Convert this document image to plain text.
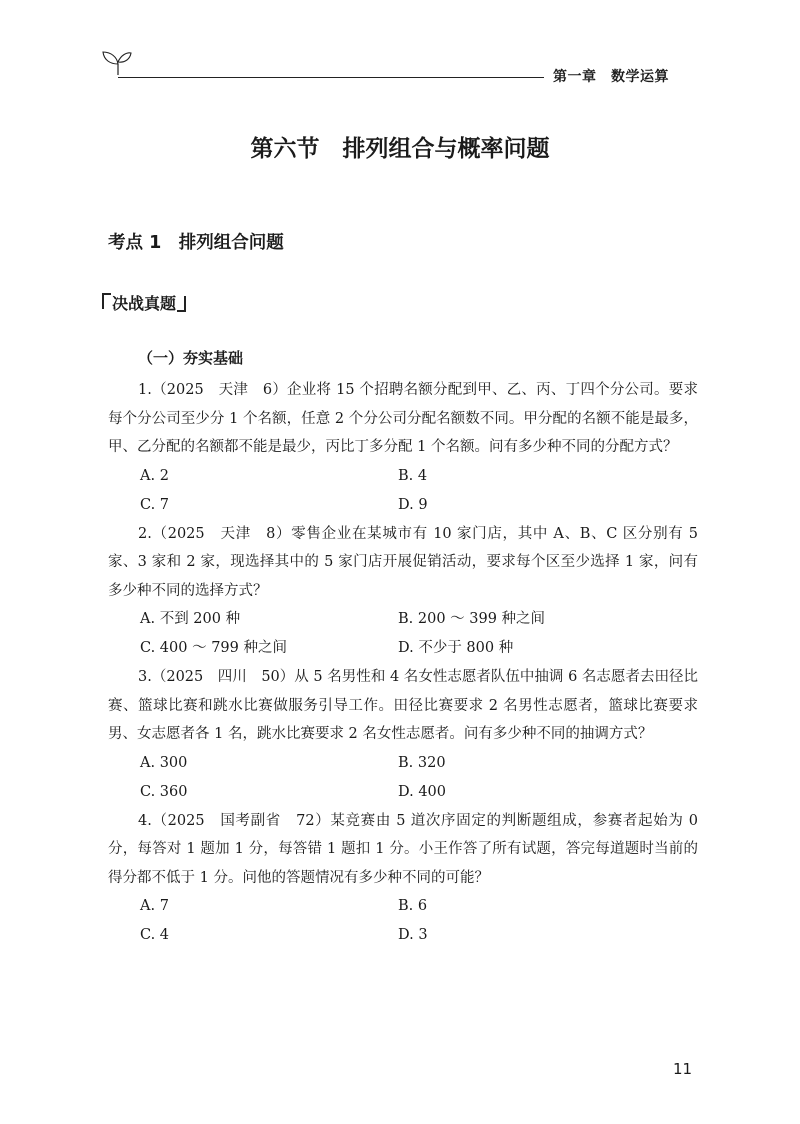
第一章　数学运算
第六节　排列组合与概率问题
考点 1　排列组合问题
决战真题
（一）夯实基础

1.（2025　天津　6）企业将 15 个招聘名额分配到甲、乙、丙、丁四个分公司。要求每个分公司至少分 1 个名额，任意 2 个分公司分配名额数不同。甲分配的名额不能是最多，甲、乙分配的名额都不能是最少，丙比丁多分配 1 个名额。问有多少种不同的分配方式？

A. 2	B. 4
C. 7	D. 9

2.（2025　天津　8）零售企业在某城市有 10 家门店，其中 A、B、C 区分别有 5 家、3 家和 2 家，现选择其中的 5 家门店开展促销活动，要求每个区至少选择 1 家，问有多少种不同的选择方式？

A. 不到 200 种	B. 200 ～ 399 种之间
C. 400 ～ 799 种之间	D. 不少于 800 种

3.（2025　四川　50）从 5 名男性和 4 名女性志愿者队伍中抽调 6 名志愿者去田径比赛、篮球比赛和跳水比赛做服务引导工作。田径比赛要求 2 名男性志愿者，篮球比赛要求男、女志愿者各 1 名，跳水比赛要求 2 名女性志愿者。问有多少种不同的抽调方式？

A. 300	B. 320
C. 360	D. 400

4.（2025　国考副省　72）某竞赛由 5 道次序固定的判断题组成，参赛者起始为 0 分，每答对 1 题加 1 分，每答错 1 题扣 1 分。小王作答了所有试题，答完每道题时当前的得分都不低于 1 分。问他的答题情况有多少种不同的可能？

A. 7	B. 6
C. 4	D. 3
11
